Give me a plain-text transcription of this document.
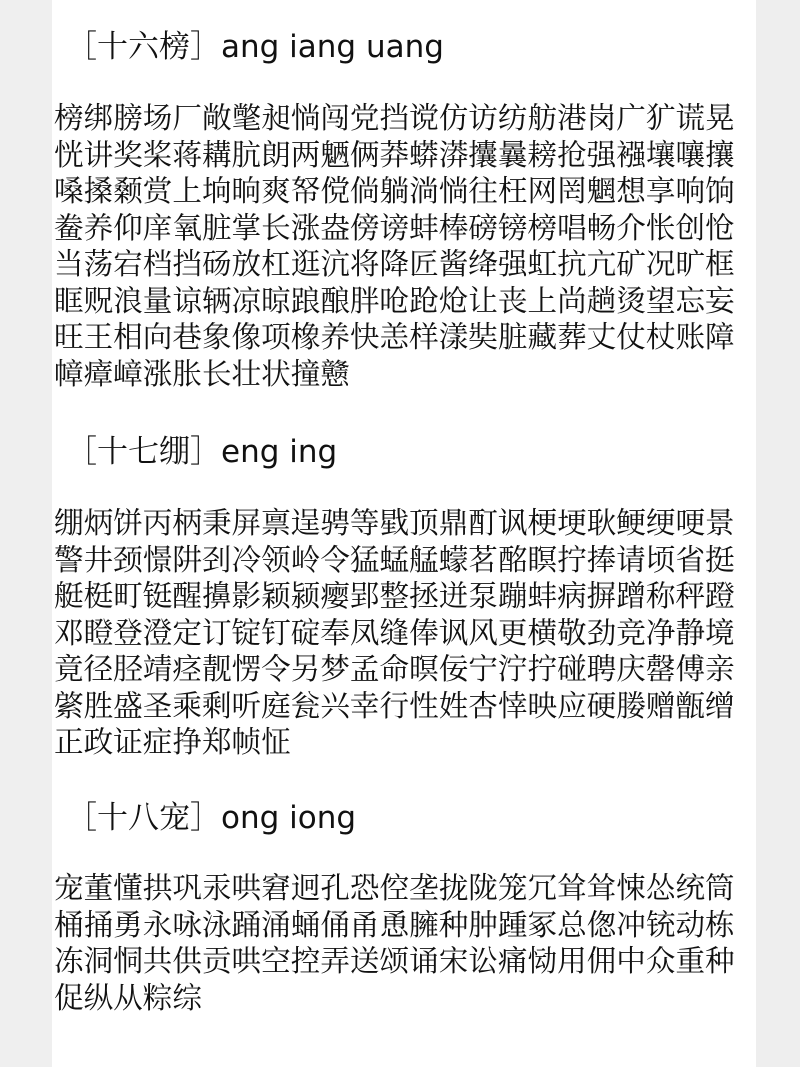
［十六榜］ang iang uang

榜绑膀场厂敞氅昶惝闯党挡谠仿访纺舫港岗广犷谎晃恍讲奖桨蒋耩肮朗两魉俩莽蟒漭攮曩耪抢强襁壤嚷攘嗓搡颡赏上垧晌爽帑傥倘躺淌惝往枉网罔魍想享响饷鲞养仰庠氧脏掌长涨盎傍谤蚌棒磅镑榜唱畅介怅创怆当荡宕档挡砀放杠逛沆将降匠酱绛强虹抗亢矿况旷框眶贶浪量谅辆凉晾踉酿胖呛跄炝让丧上尚趟烫望忘妄旺王相向巷象像项橡养快恙样漾奘脏藏葬丈仗杖账障幛瘴嶂涨胀长壮状撞戆

［十七绷］eng ing

绷炳饼丙柄秉屏禀逞骋等戥顶鼎酊讽梗埂耿鲠绠哽景警井颈憬阱刭冷领岭令猛蜢艋蠓茗酩瞑拧捧请顷省挺艇梃町铤醒擤影颖颍瘿郢整拯迸泵蹦蚌病摒蹭称秤蹬邓瞪登澄定订锭钉碇奉凤缝俸讽风更横敬劲竞净静境竟径胫靖痉靓愣令另梦孟命暝佞宁泞拧碰聘庆罄傅亲綮胜盛圣乘剩听庭瓮兴幸行性姓杏悻映应硬媵赠甑缯正政证症挣郑帧怔

［十八宠］ong iong

宠董懂拱巩汞哄窘迥孔恐倥垄拢陇笼冗耸耸悚怂统筒桶捅勇永咏泳踊涌蛹俑甬恿臃种肿踵冢总偬冲铳动栋冻洞恫共供贡哄空控弄送颂诵宋讼痛恸用佣中众重种促纵从粽综
